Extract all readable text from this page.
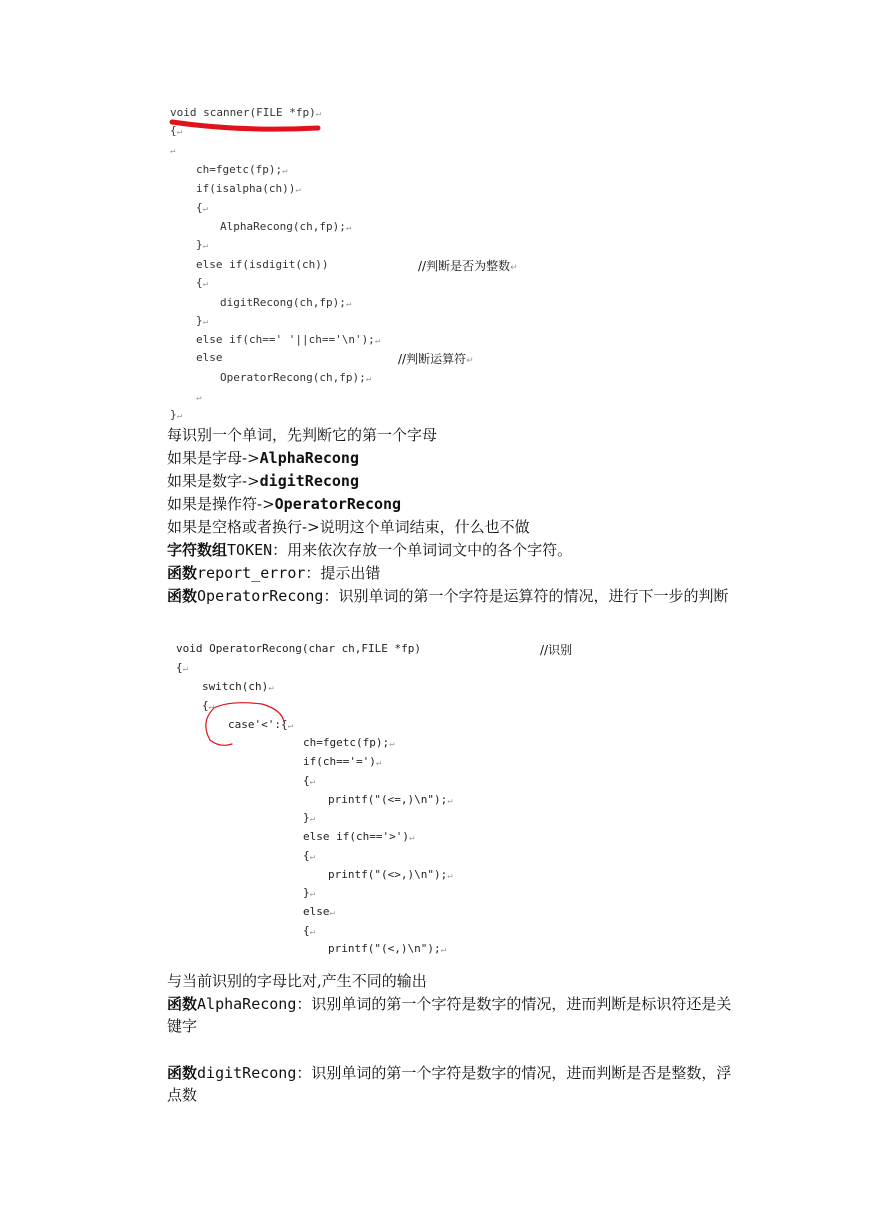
void scanner(FILE *fp)↵
{↵
↵
ch=fgetc(fp);↵
if(isalpha(ch))↵
{↵
AlphaRecong(ch,fp);↵
}↵
else if(isdigit(ch))	//判断是否为整数↵
{↵
digitRecong(ch,fp);↵
}↵
else if(ch==' '||ch=='\n');↵
else	//判断运算符↵
OperatorRecong(ch,fp);↵
↵
}↵
每识别一个单词，先判断它的第一个字母
如果是字母->AlphaRecong
如果是数字->digitRecong
如果是操作符->OperatorRecong
如果是空格或者换行->说明这个单词结束，什么也不做
字符数组TOKEN：用来依次存放一个单词词文中的各个字符。
函数report_error：提示出错
函数OperatorRecong：识别单词的第一个字符是运算符的情况，进行下一步的判断
void OperatorRecong(char ch,FILE *fp)	//识别
{↵
switch(ch)↵
{↵
case'<':{↵
ch=fgetc(fp);↵
if(ch=='=')↵
{↵
printf("(<=,)\n");↵
}↵
else if(ch=='>')↵
{↵
printf("(<>,)\n");↵
}↵
else↵
{↵
printf("(<,)\n");↵
与当前识别的字母比对,产生不同的输出
函数AlphaRecong：识别单词的第一个字符是数字的情况，进而判断是标识符还是关键字
函数digitRecong：识别单词的第一个字符是数字的情况，进而判断是否是整数，浮点数
